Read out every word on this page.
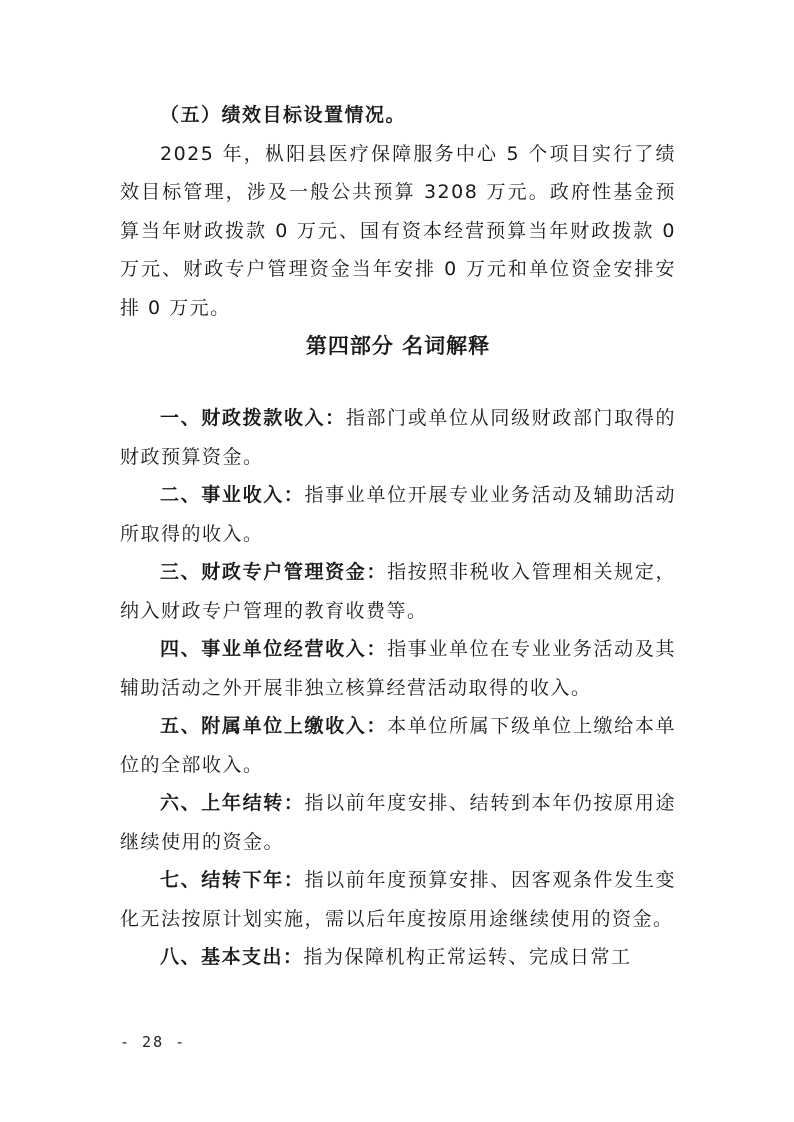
（五）绩效目标设置情况。

2025 年，枞阳县医疗保障服务中心 5 个项目实行了绩效目标管理，涉及一般公共预算 3208 万元。政府性基金预算当年财政拨款 0 万元、国有资本经营预算当年财政拨款 0 万元、财政专户管理资金当年安排 0 万元和单位资金安排安排 0 万元。

第四部分 名词解释

一、财政拨款收入：指部门或单位从同级财政部门取得的财政预算资金。

二、事业收入：指事业单位开展专业业务活动及辅助活动所取得的收入。

三、财政专户管理资金：指按照非税收入管理相关规定，纳入财政专户管理的教育收费等。

四、事业单位经营收入：指事业单位在专业业务活动及其辅助活动之外开展非独立核算经营活动取得的收入。

五、附属单位上缴收入：本单位所属下级单位上缴给本单位的全部收入。

六、上年结转：指以前年度安排、结转到本年仍按原用途继续使用的资金。

七、结转下年：指以前年度预算安排、因客观条件发生变化无法按原计划实施，需以后年度按原用途继续使用的资金。

八、基本支出：指为保障机构正常运转、完成日常工

- 28 -
